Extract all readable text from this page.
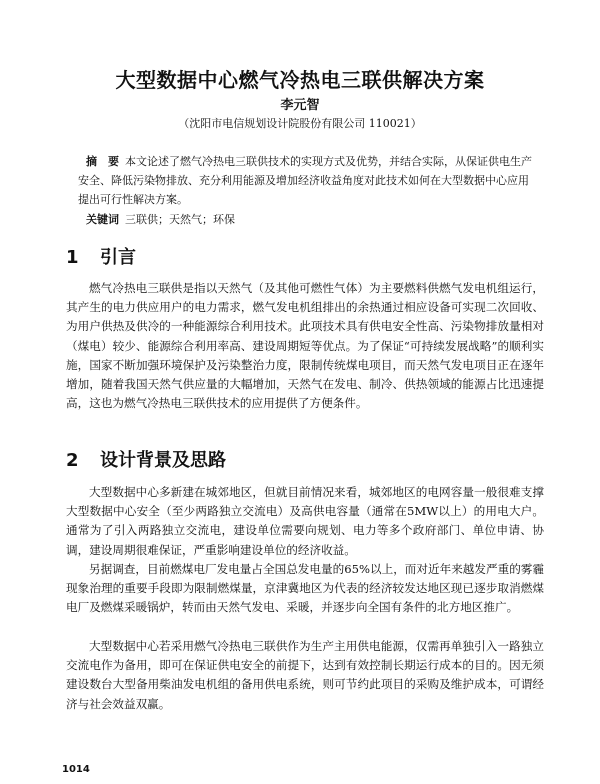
大型数据中心燃气冷热电三联供解决方案
李元智
（沈阳市电信规划设计院股份有限公司 110021）
摘　要 本文论述了燃气冷热电三联供技术的实现方式及优势，并结合实际，从保证供电生产安全、降低污染物排放、充分利用能源及增加经济收益角度对此技术如何在大型数据中心应用提出可行性解决方案。
关键词 三联供；天然气；环保
1 引言
燃气冷热电三联供是指以天然气（及其他可燃性气体）为主要燃料供燃气发电机组运行，其产生的电力供应用户的电力需求，燃气发电机组排出的余热通过相应设备可实现二次回收、为用户供热及供冷的一种能源综合利用技术。此项技术具有供电安全性高、污染物排放量相对（煤电）较少、能源综合利用率高、建设周期短等优点。为了保证“可持续发展战略”的顺利实施，国家不断加强环境保护及污染整治力度，限制传统煤电项目，而天然气发电项目正在逐年增加，随着我国天然气供应量的大幅增加，天然气在发电、制冷、供热领域的能源占比迅速提高，这也为燃气冷热电三联供技术的应用提供了方便条件。
2 设计背景及思路
大型数据中心多新建在城郊地区，但就目前情况来看，城郊地区的电网容量一般很难支撑大型数据中心安全（至少两路独立交流电）及高供电容量（通常在5MW以上）的用电大户。通常为了引入两路独立交流电，建设单位需要向规划、电力等多个政府部门、单位申请、协调，建设周期很难保证，严重影响建设单位的经济收益。
另据调查，目前燃煤电厂发电量占全国总发电量的65%以上，而对近年来越发严重的雾霾现象治理的重要手段即为限制燃煤量，京津冀地区为代表的经济较发达地区现已逐步取消燃煤电厂及燃煤采暖锅炉，转而由天然气发电、采暖，并逐步向全国有条件的北方地区推广。
大型数据中心若采用燃气冷热电三联供作为生产主用供电能源，仅需再单独引入一路独立交流电作为备用，即可在保证供电安全的前提下，达到有效控制长期运行成本的目的。因无须建设数台大型备用柴油发电机组的备用供电系统，则可节约此项目的采购及维护成本，可谓经济与社会效益双赢。
1014
